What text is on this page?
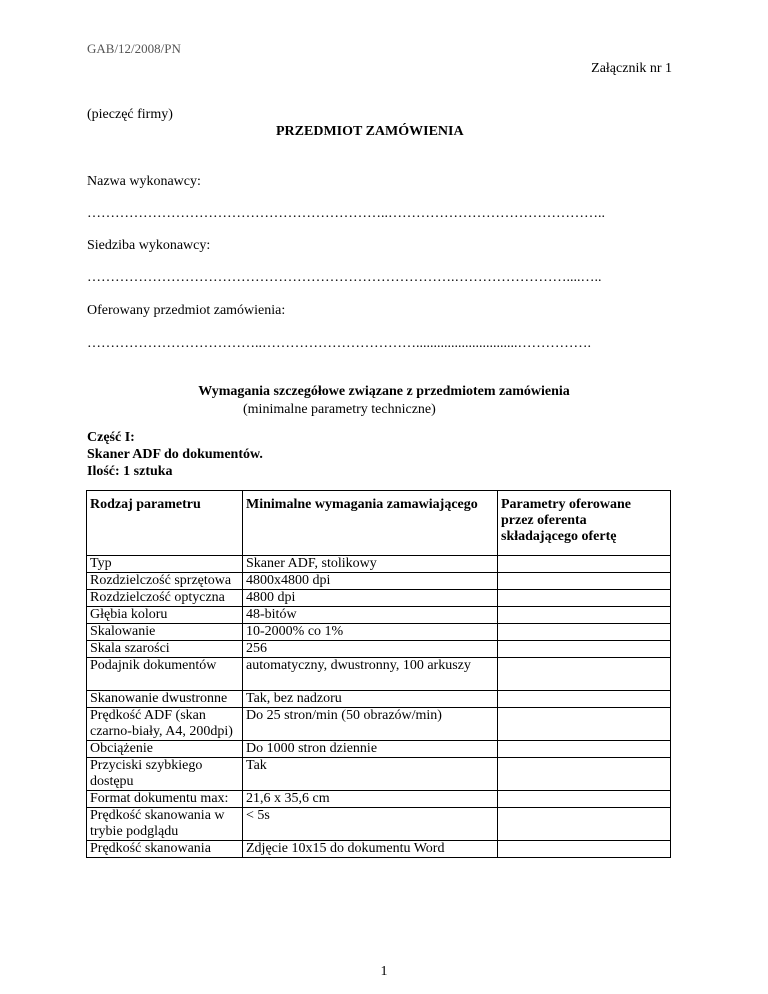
GAB/12/2008/PN
Załącznik nr 1
(pieczęć firmy)
PRZEDMIOT ZAMÓWIENIA
Nazwa wykonawcy:
………………………………………………………..………………………………………..
Siedziba wykonawcy:
…………………………………………………………………….……………………....…..
Oferowany przedmiot zamówienia:
………………………………..…………………………….............................…………….
Wymagania szczegółowe związane z przedmiotem zamówienia
(minimalne parametry techniczne)
Część I:
Skaner ADF do dokumentów.
Ilość: 1 sztuka
Rodzaj parametru	Minimalne wymagania zamawiającego	Parametry oferowane przez oferenta składającego ofertę
Typ	Skaner ADF, stolikowy	
Rozdzielczość sprzętowa	4800x4800 dpi	
Rozdzielczość optyczna	4800 dpi	
Głębia koloru	48-bitów	
Skalowanie	10-2000% co 1%	
Skala szarości	256	
Podajnik dokumentów	automatyczny, dwustronny, 100 arkuszy	
Skanowanie dwustronne	Tak, bez nadzoru	
Prędkość ADF (skan czarno-biały, A4, 200dpi)	Do 25 stron/min (50 obrazów/min)	
Obciążenie	Do 1000 stron dziennie	
Przyciski szybkiego dostępu	Tak	
Format dokumentu max:	21,6 x 35,6 cm	
Prędkość skanowania w trybie podglądu	< 5s	
Prędkość skanowania	Zdjęcie 10x15 do dokumentu Word	
1
